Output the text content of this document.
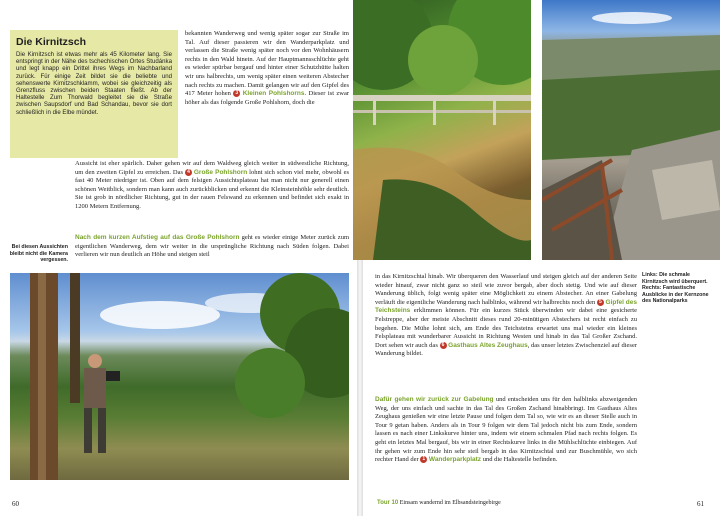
Die Kirnitzsch

Die Kirnitzsch ist etwas mehr als 45 Kilometer lang. Sie entspringt in der Nähe des tschechischen Ortes Studánka und legt knapp ein Drittel ihres Wegs im Nachbarland zurück. Für einige Zeit bildet sie die beliebte und sehenswerte Kirnitzschklamm, wobei sie gleichzeitig als Grenzfluss zwischen beiden Staaten fließt. Ab der Haltestelle Zum Thorwald begleitet sie die Straße zwischen Saupsdorf und Bad Schandau, bevor sie dort schließlich in die Elbe mündet.

bekannten Wanderweg und wenig später sogar zur Straße im Tal. Auf dieser passieren wir den Wanderparkplatz und verlassen die Straße wenig später noch vor den Wohnhäusern rechts in den Wald hinein. Auf der Hauptmannsschlüchte geht es wieder spürbar bergauf und hinter einer Schutzhütte halten wir uns halbrechts, um wenig später einen weiteren Abstecher nach rechts zu machen. Damit gelangen wir auf den Gipfel des 417 Meter hohen 3 Kleinen Pohlshorns. Dieser ist zwar höher als das folgende Große Pohlshorn, doch die
Aussicht ist eher spärlich. Daher gehen wir auf dem Waldweg gleich weiter in südwestliche Richtung, um den zweiten Gipfel zu erreichen. Das 4 Große Pohlshorn lohnt sich schon viel mehr, obwohl es fast 40 Meter niedriger ist. Oben auf dem felsigen Aussichtsplateau hat man nicht nur generell einen schönen Weitblick, sondern man kann auch zurückblicken und erkennt die Kleinsteinhöhle sehr deutlich. Sie ist grob in nördlicher Richtung, gut in der rauen Felswand zu erkennen und befindet sich exakt in 1200 Metern Entfernung.
Nach dem kurzen Aufstieg auf das Große Pohlshorn geht es wieder einige Meter zurück zum eigentlichen Wanderweg, dem wir weiter in die ursprüngliche Richtung nach Süden folgen. Dabei verlieren wir nun deutlich an Höhe und steigen steil
Bei diesen Aussichten bleibt nicht die Kamera vergessen.
60
in das Kirnitzschtal hinab. Wir überqueren den Wasserlauf und steigen gleich auf der anderen Seite wieder hinauf, zwar nicht ganz so steil wie zuvor bergab, aber doch stetig. Und wie auf dieser Wanderung üblich, folgt wenig später eine Möglichkeit zu einem Abstecher. An einer Gabelung verläuft die eigentliche Wanderung nach halblinks, während wir halbrechts noch den 5 Gipfel des Teichsteins erklimmen können. Für ein kurzes Stück überwinden wir dabei eine gesicherte Felstreppe, aber der meiste Abschnitt dieses rund 20-minütigen Abstechers ist recht einfach zu begehen. Die Mühe lohnt sich, am Ende des Teichsteins erwartet uns mal wieder ein kleines Felsplateau mit wunderbarer Aussicht in Richtung Westen und hinab in das Tal Großer Zschand. Dort sehen wir auch das 6 Gasthaus Altes Zeughaus, das unser letztes Zwischenziel auf dieser Wanderung bildet.
Dafür gehen wir zurück zur Gabelung und entscheiden uns für den halblinks abzweigenden Weg, der uns einfach und sachte in das Tal des Großen Zschand hinabbringt. Im Gasthaus Altes Zeughaus genießen wir eine letzte Pause und folgen dem Tal so, wie wir es an dieser Stelle auch in Tour 9 getan haben. Anders als in Tour 9 folgen wir dem Tal jedoch nicht bis zum Ende, sondern lassen es nach einer Linkskurve hinter uns, indem wir einem schmalen Pfad nach rechts folgen. Es geht ein letztes Mal bergauf, bis wir in einer Rechtskurve links in die Mühlschlüchte einbiegen. Auf ihr gehen wir zum Ende hin sehr steil bergab in das Kirnitzschtal und zur Buschmühle, wo sich rechter Hand der 1 Wanderparkplatz und die Haltestelle befinden.
Links: Die schmale Kirnitzsch wird überquert. Rechts: Fantastische Ausblicke in der Kernzone des Nationalparks
Tour 10 Einsam wandernd im Elbsandsteingebirge	61
